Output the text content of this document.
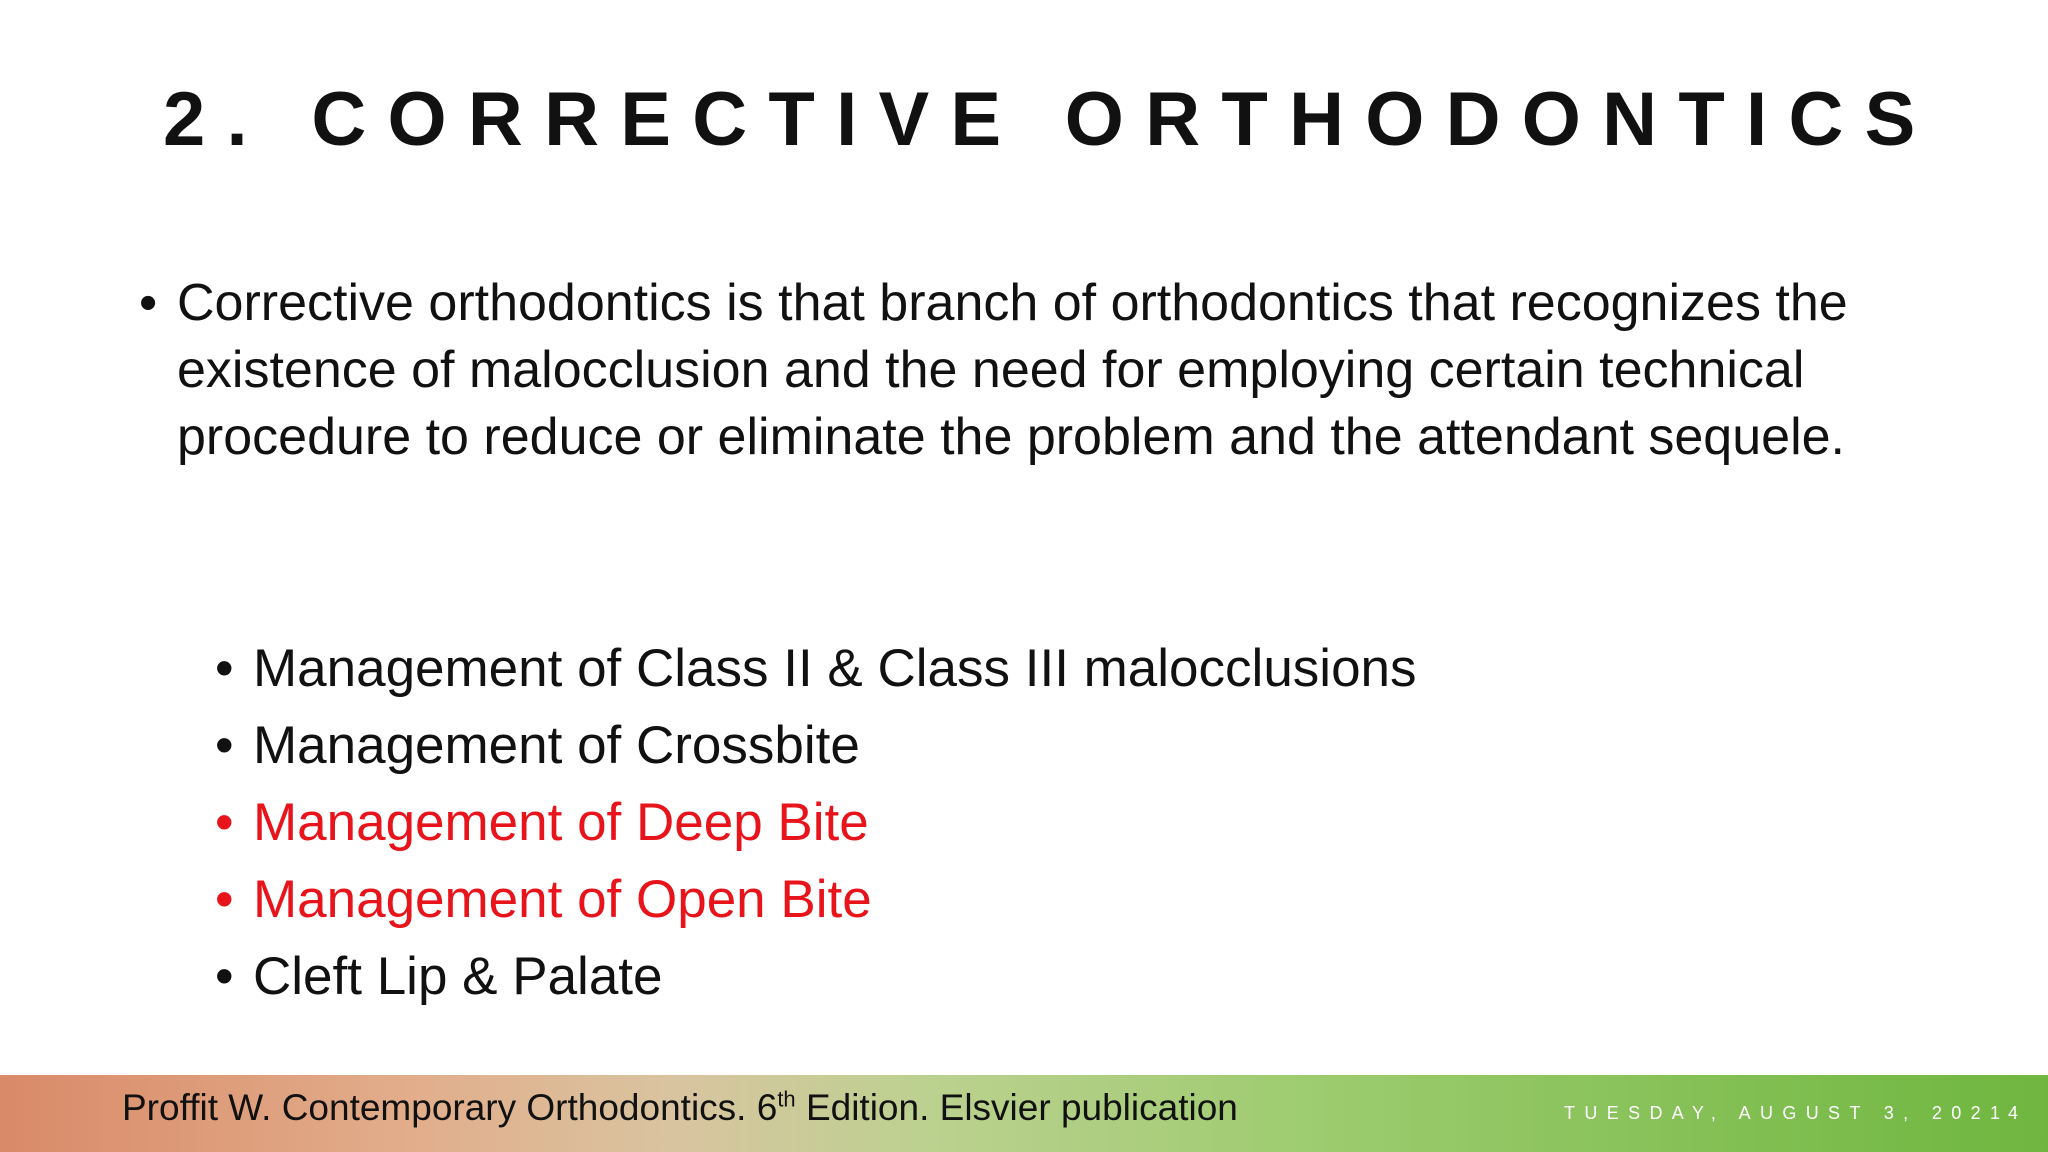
2. CORRECTIVE ORTHODONTICS
• Corrective orthodontics is that branch of orthodontics that recognizes the existence of malocclusion and the need for employing certain technical procedure to reduce or eliminate the problem and the attendant sequele.
• Management of Class II & Class III malocclusions
• Management of Crossbite
• Management of Deep Bite
• Management of Open Bite
• Cleft Lip & Palate
Proffit W. Contemporary Orthodontics. 6th Edition. Elsvier publication	TUESDAY, AUGUST 3, 2021
4
